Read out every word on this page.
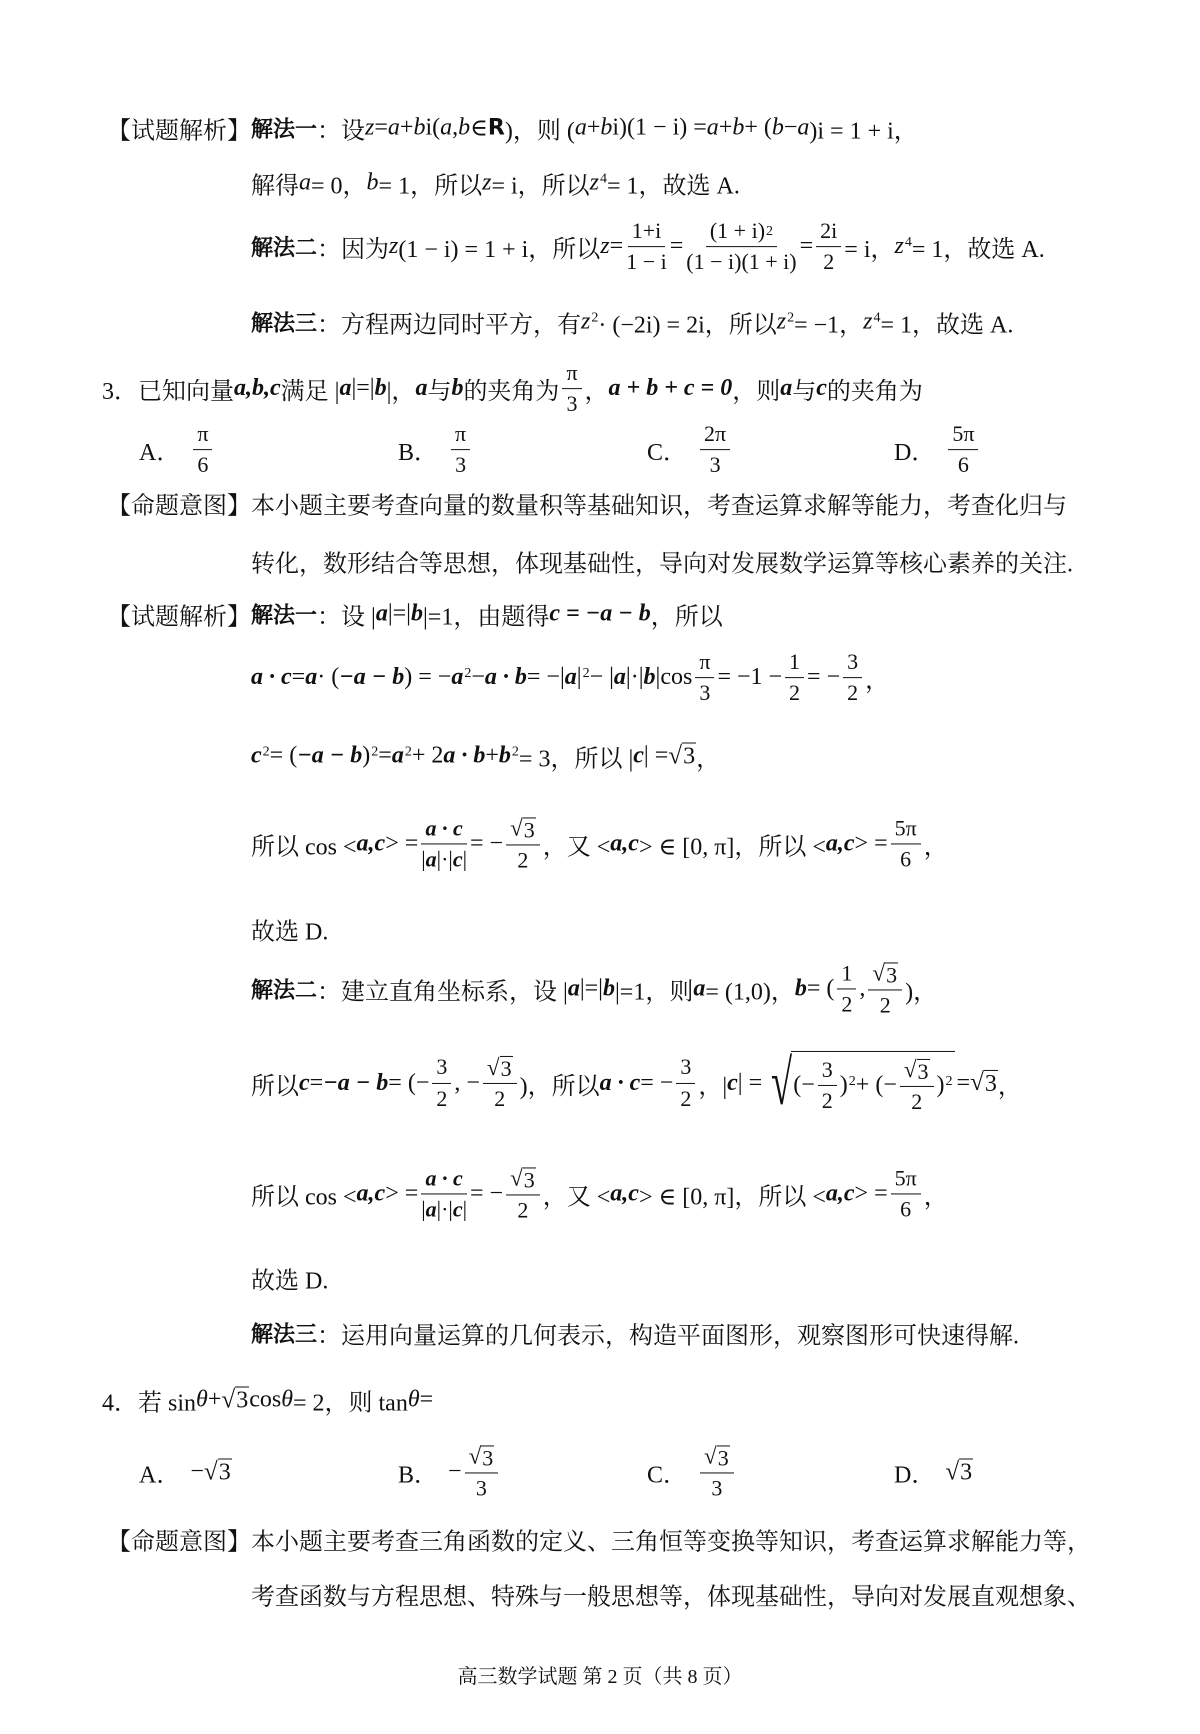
【试题解析】 解法一 ：设 z = a + b i( a , b ∈ R )，则 ( a + b i)(1 − i) = a + b + ( b − a )i = 1 + i，
解得 a = 0， b = 1，所以 z = i，所以 z 4 = 1，故选 A.
解法二 ：因为 z (1 − i) = 1 + i，所以 $z = \frac{1+i}{1 - i} = \frac{(1 + i) 2}{(1 - i)(1 + i)} = \frac{2i}{2} = i$， z 4 = 1，故选 A.
解法三 ：方程两边同时平方，有 z 2 · (−2i) = 2i，所以 z 2 = −1， z 4 = 1，故选 A.
3．已知向量 a,b,c 满足 | a |=| b |， a 与 b 的夹角为 $\frac{\pi}{3}$ ， a + b + c = 0 ，则 a 与 c 的夹角为
A． $\frac{\pi}{6}$	B． $\frac{\pi}{3}$	C． $\frac{2\pi}{3}$	D． $\frac{5\pi}{6}$
【命题意图】本小题主要考查向量的数量积等基础知识，考查运算求解等能力，考查化归与
转化，数形结合等思想，体现基础性，导向对发展数学运算等核心素养的关注.
【试题解析】 解法一 ：设 | a |=| b |=1，由题得 c = −a − b ，所以
a · c = a · ( −a − b ) = − a 2 − a · b = −| a | 2 − | a |·| b $|\cos \frac{\pi}{3} = -1 - \frac{1}{2}$ = − $\frac{3}{2}$ ，
c 2 = ( −a − b ) 2 = a 2 + 2 a · b + b 2 = 3，所以 | c | = √ 3 ，
所以 cos < a,c > = $\frac{a \cdot c}{| a |\cdot| c |}$ = − $\frac{√ 3}{2}$ ，又 < a,c > ∈ [0, π]，所以 < a,c > = $\frac{5\pi}{6}$ ，
故选 D.
解法二 ：建立直角坐标系，设 | a |=| b |=1，则 a = (1,0)， b = ( $\frac{1}{2}$ , $\frac{√ 3}{2}$ )，
所以 c = −a − b = (− $\frac{3}{2}$ , − $\frac{√ 3}{2}$ )，所以 a · c = − $\frac{3}{2}$ ，| c | = √ (− $\frac{3}{2}$ ) 2 + (− $\frac{√ 3}{2}$ ) 2 = √ 3 ，
所以 cos < a,c > = $\frac{a \cdot c}{| a |\cdot| c |}$ = − $\frac{√ 3}{2}$ ，又 < a,c > ∈ [0, π]，所以 < a,c > = $\frac{5\pi}{6}$ ，
故选 D.
解法三 ：运用向量运算的几何表示，构造平面图形，观察图形可快速得解.
4．若 sin θ + √ 3 cos θ = 2，则 tan θ =
A． − √ 3	B． − $\frac{√ 3}{3}$	C． $\frac{√ 3}{3}$	D． √ 3
【命题意图】本小题主要考查三角函数的定义、三角恒等变换等知识，考查运算求解能力等，
考查函数与方程思想、特殊与一般思想等，体现基础性，导向对发展直观想象、
高三数学试题 第 2 页（共 8 页）
